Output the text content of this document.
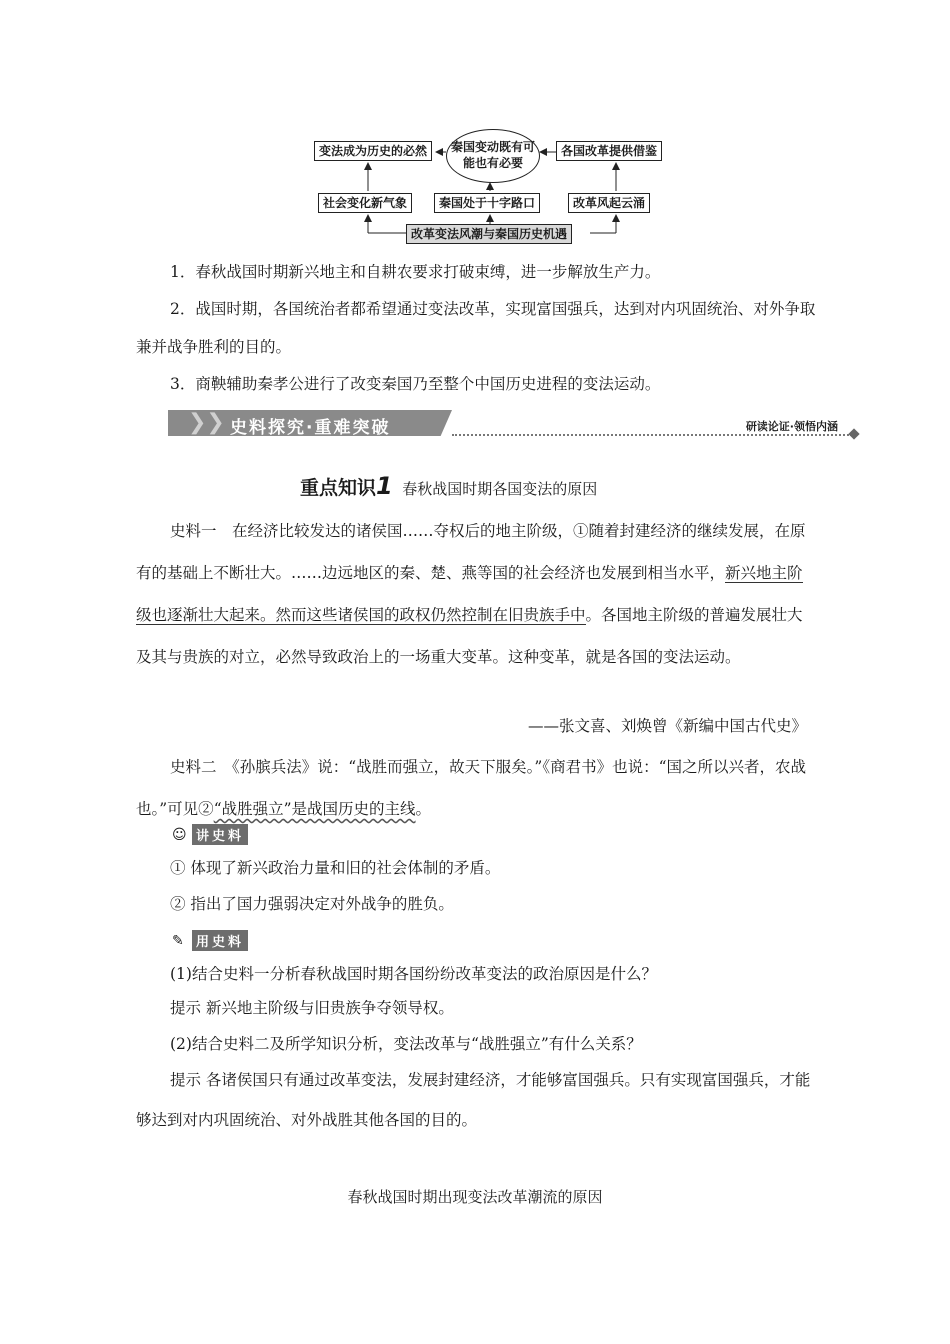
变法成为历史的必然	秦国变动既有可能也有必要
各国改革提供借鉴
社会变化新气象	秦国处于十字路口	改革风起云涌
改革变法风潮与秦国历史机遇
1．春秋战国时期新兴地主和自耕农要求打破束缚，进一步解放生产力。
2．战国时期，各国统治者都希望通过变法改革，实现富国强兵，达到对内巩固统治、对外争取兼并战争胜利的目的。
3．商鞅辅助秦孝公进行了改变秦国乃至整个中国历史进程的变法运动。
❯❯ 史料探究·重难突破	研读论证·领悟内涵
重点知识1 春秋战国时期各国变法的原因
史料一　在经济比较发达的诸侯国……夺权后的地主阶级，①随着封建经济的继续发展，在原有的基础上不断壮大。……边远地区的秦、楚、燕等国的社会经济也发展到相当水平，新兴地主阶级也逐渐壮大起来。然而这些诸侯国的政权仍然控制在旧贵族手中。各国地主阶级的普遍发展壮大及其与贵族的对立，必然导致政治上的一场重大变革。这种变革，就是各国的变法运动。
——张文喜、刘焕曾《新编中国古代史》
史料二　《孙膑兵法》说：“战胜而强立，故天下服矣。”《商君书》也说：“国之所以兴者，农战也。”可见②“战胜强立”是战国历史的主线。
☺ 讲史料
① 体现了新兴政治力量和旧的社会体制的矛盾。
② 指出了国力强弱决定对外战争的胜负。
✎ 用史料
(1)结合史料一分析春秋战国时期各国纷纷改革变法的政治原因是什么？
提示 新兴地主阶级与旧贵族争夺领导权。
(2)结合史料二及所学知识分析，变法改革与“战胜强立”有什么关系？
提示 各诸侯国只有通过改革变法，发展封建经济，才能够富国强兵。只有实现富国强兵，才能够达到对内巩固统治、对外战胜其他各国的目的。
春秋战国时期出现变法改革潮流的原因
